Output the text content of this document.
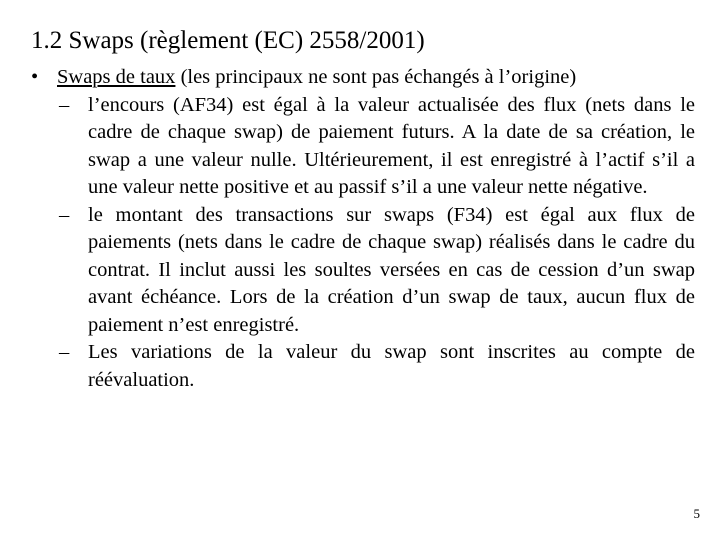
1.2 Swaps (règlement (EC) 2558/2001)
• Swaps de taux (les principaux ne sont pas échangés à l’origine)
– l’encours (AF34) est égal à la valeur actualisée des flux (nets dans le cadre de chaque swap) de paiement futurs. A la date de sa création, le swap a une valeur nulle. Ultérieurement, il est enregistré à l’actif s’il a une valeur nette positive et au passif s’il a une valeur nette négative.
– le montant des transactions sur swaps (F34) est égal aux flux de paiements (nets dans le cadre de chaque swap) réalisés dans le cadre du contrat. Il inclut aussi les soultes versées en cas de cession d’un swap avant échéance. Lors de la création d’un swap de taux, aucun flux de paiement n’est enregistré.
– Les variations de la valeur du swap sont inscrites au compte de réévaluation.
5
